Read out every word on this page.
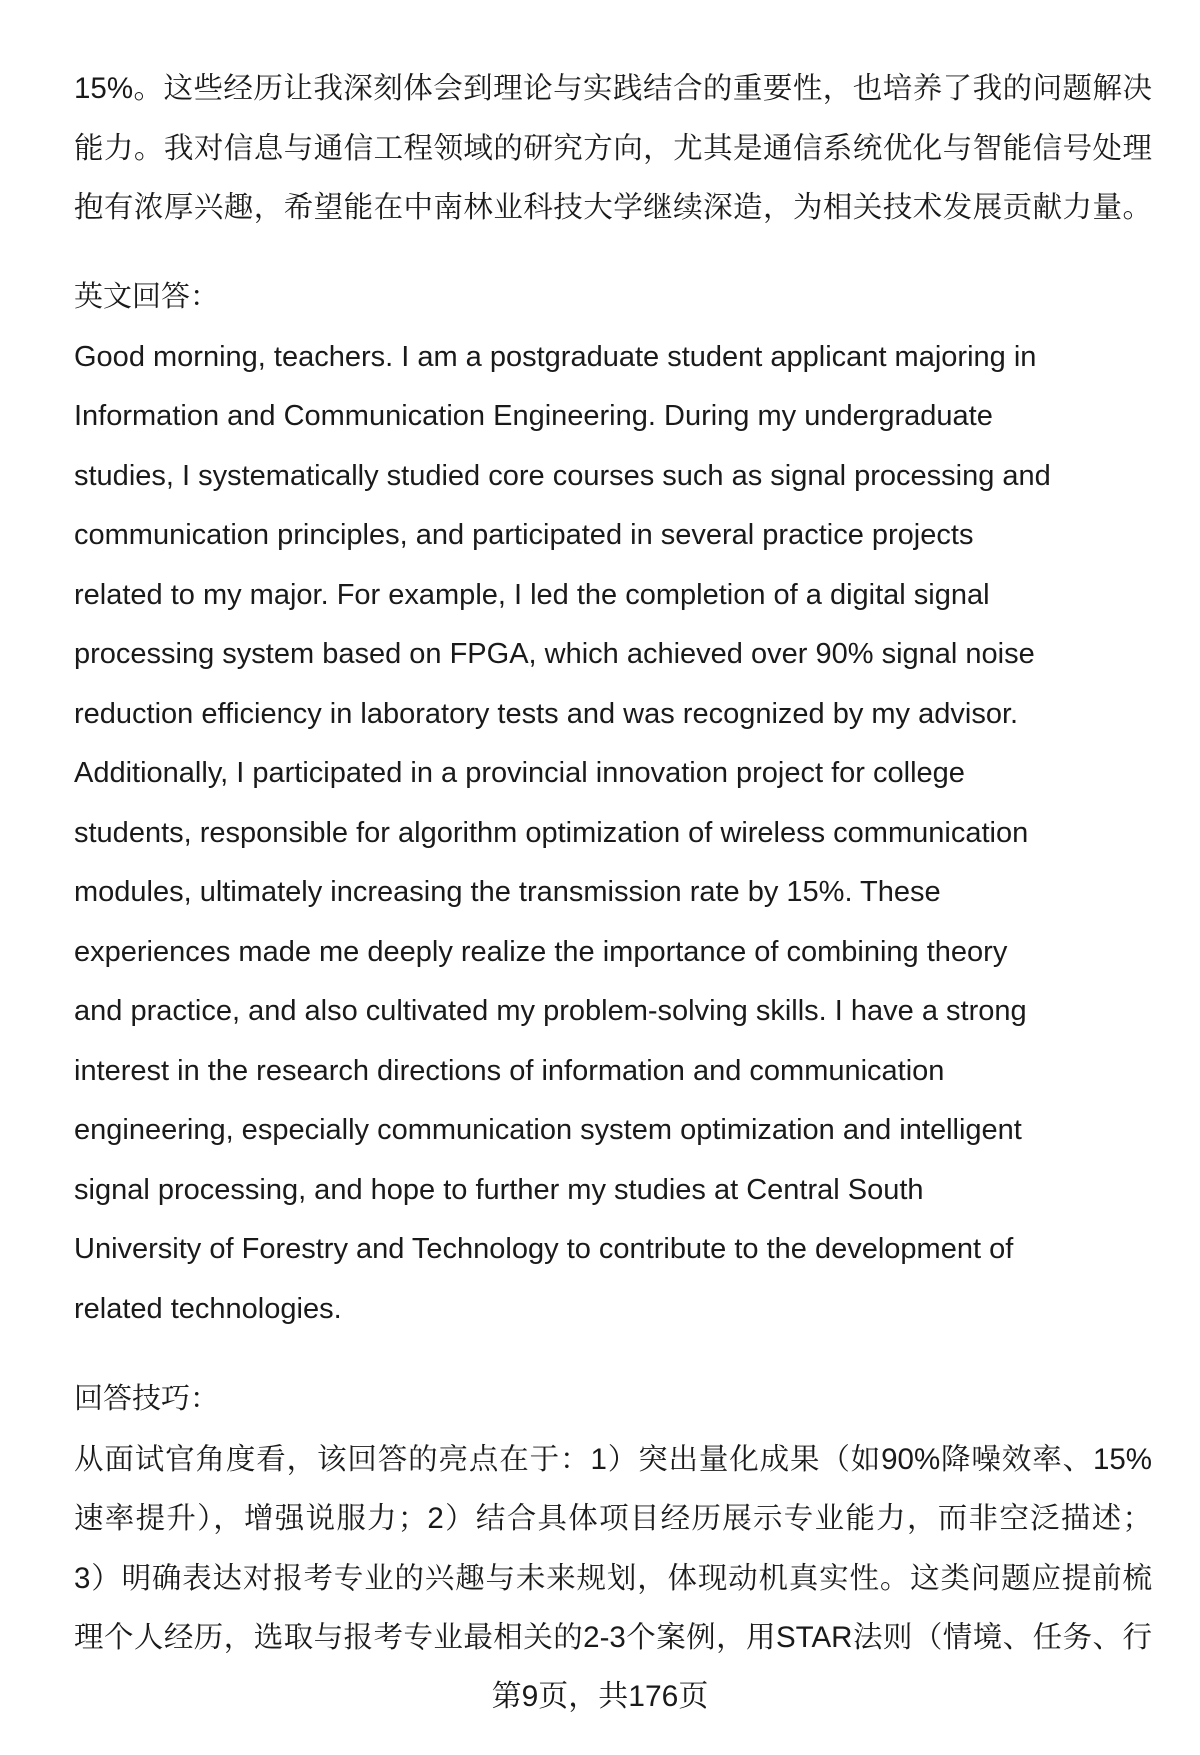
15%。这些经历让我深刻体会到理论与实践结合的重要性，也培养了我的问题解决
能力。我对信息与通信工程领域的研究方向，尤其是通信系统优化与智能信号处理
抱有浓厚兴趣，希望能在中南林业科技大学继续深造，为相关技术发展贡献力量。
英文回答：
Good morning, teachers. I am a postgraduate student applicant majoring in
Information and Communication Engineering. During my undergraduate
studies, I systematically studied core courses such as signal processing and
communication principles, and participated in several practice projects
related to my major. For example, I led the completion of a digital signal
processing system based on FPGA, which achieved over 90% signal noise
reduction efficiency in laboratory tests and was recognized by my advisor.
Additionally, I participated in a provincial innovation project for college
students, responsible for algorithm optimization of wireless communication
modules, ultimately increasing the transmission rate by 15%. These
experiences made me deeply realize the importance of combining theory
and practice, and also cultivated my problem-solving skills. I have a strong
interest in the research directions of information and communication
engineering, especially communication system optimization and intelligent
signal processing, and hope to further my studies at Central South
University of Forestry and Technology to contribute to the development of
related technologies.
回答技巧：
从面试官角度看，该回答的亮点在于：1）突出量化成果（如90%降噪效率、15%
速率提升），增强说服力；2）结合具体项目经历展示专业能力，而非空泛描述；
3）明确表达对报考专业的兴趣与未来规划，体现动机真实性。这类问题应提前梳
理个人经历，选取与报考专业最相关的2-3个案例，用STAR法则（情境、任务、行
第9页，共176页
